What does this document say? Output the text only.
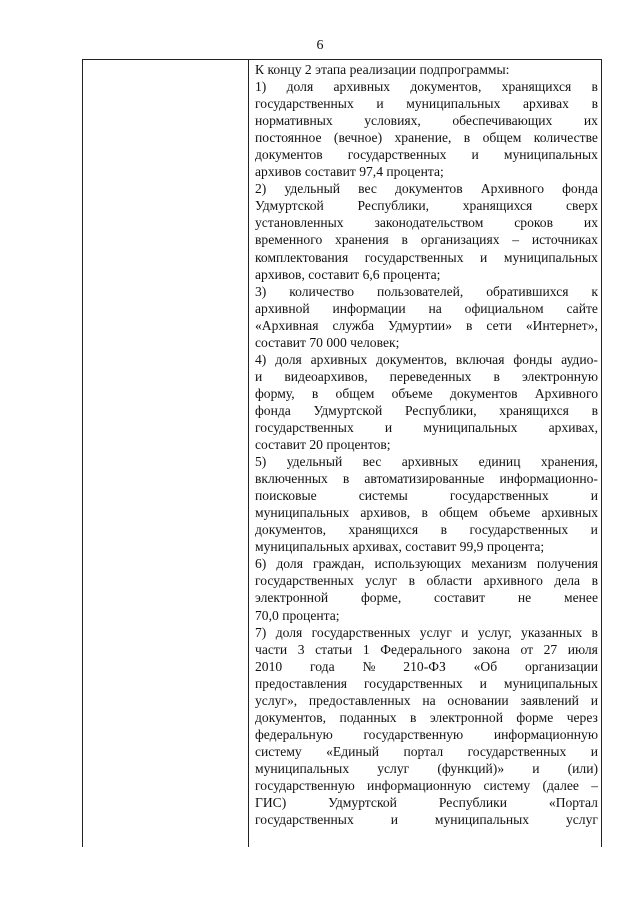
6
К концу 2 этапа реализации подпрограммы:
1) доля архивных документов, хранящихся в
государственных и муниципальных архивах в
нормативных условиях, обеспечивающих их
постоянное (вечное) хранение, в общем количестве
документов государственных и муниципальных
архивов составит 97,4 процента;
2) удельный вес документов Архивного фонда
Удмуртской Республики, хранящихся сверх
установленных законодательством сроков их
временного хранения в организациях – источниках
комплектования государственных и муниципальных
архивов, составит 6,6 процента;
3) количество пользователей, обратившихся к
архивной информации на официальном сайте
«Архивная служба Удмуртии» в сети «Интернет»,
составит 70 000 человек;
4) доля архивных документов, включая фонды аудио-
и видеоархивов, переведенных в электронную
форму, в общем объеме документов Архивного
фонда Удмуртской Республики, хранящихся в
государственных и муниципальных архивах,
составит 20 процентов;
5) удельный вес архивных единиц хранения,
включенных в автоматизированные информационно-
поисковые	системы	государственных	и
муниципальных архивов, в общем объеме архивных
документов, хранящихся в государственных и
муниципальных архивах, составит 99,9 процента;
6) доля граждан, использующих механизм получения
государственных услуг в области архивного дела в
электронной форме, составит не менее
70,0 процента;
7) доля государственных услуг и услуг, указанных в
части 3 статьи 1 Федерального закона от 27 июля
2010 года № 210-ФЗ «Об организации
предоставления государственных и муниципальных
услуг», предоставленных на основании заявлений и
документов, поданных в электронной форме через
федеральную государственную информационную
систему «Единый портал государственных и
муниципальных услуг (функций)» и (или)
государственную информационную систему (далее –
ГИС)	Удмуртской	Республики	«Портал
государственных	и	муниципальных	услуг
